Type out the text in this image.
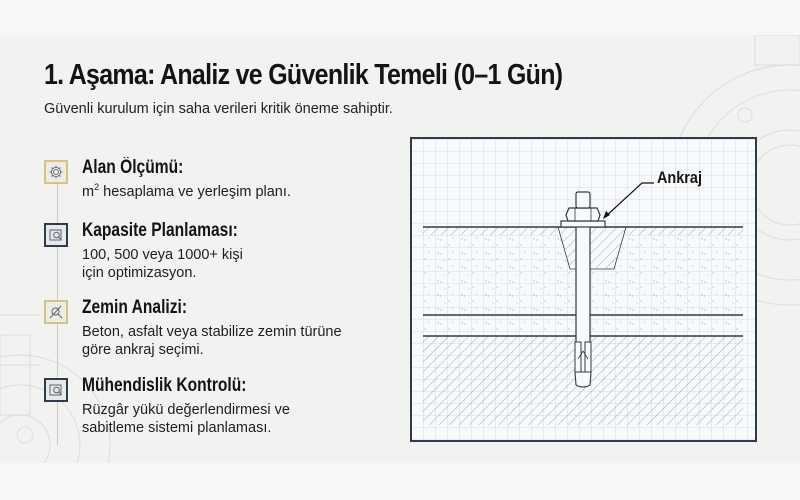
1. Aşama: Analiz ve Güvenlik Temeli (0–1 Gün)
Güvenli kurulum için saha verileri kritik öneme sahiptir.
Alan Ölçümü:
$m^2$ hesaplama ve yerleşim planı.
Kapasite Planlaması:
100, 500 veya 1000+ kişi için optimizasyon.
Zemin Analizi:
Beton, asfalt veya stabilize zemin türüne göre ankraj seçimi.
Mühendislik Kontrolü:
Rüzgâr yükü değerlendirmesi ve sabitleme sistemi planlaması.
Ankraj
